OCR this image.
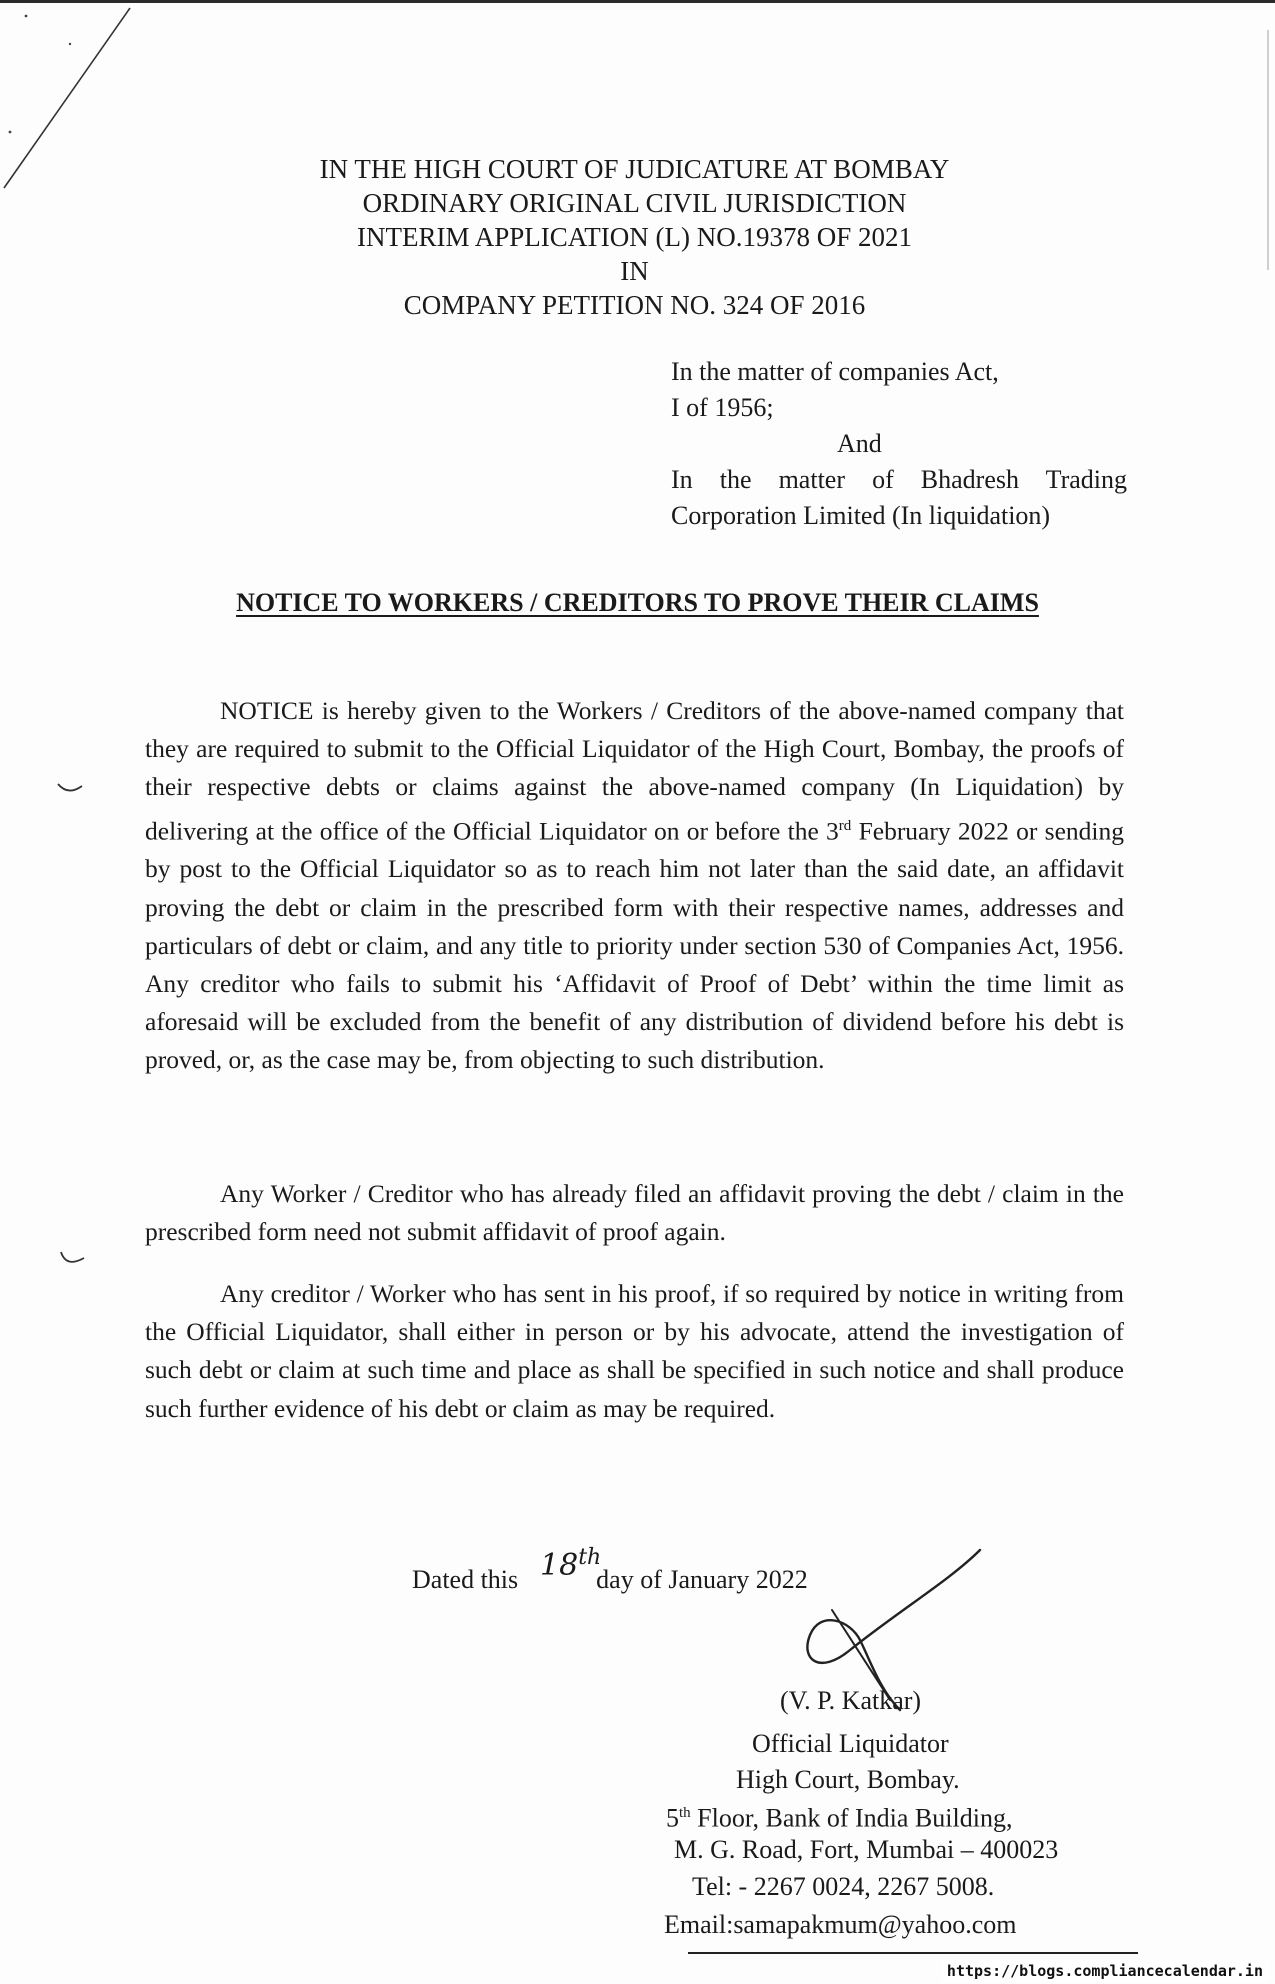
IN THE HIGH COURT OF JUDICATURE AT BOMBAY
ORDINARY ORIGINAL CIVIL JURISDICTION
INTERIM APPLICATION (L) NO.19378 OF 2021
IN
COMPANY PETITION NO. 324 OF 2016
In the matter of companies Act,
I of 1956;
And
In the matter of Bhadresh Trading
Corporation Limited (In liquidation)
NOTICE TO WORKERS / CREDITORS TO PROVE THEIR CLAIMS

NOTICE is hereby given to the Workers / Creditors of the above-named company that they are required to submit to the Official Liquidator of the High Court, Bombay, the proofs of their respective debts or claims against the above-named company (In Liquidation) by delivering at the office of the Official Liquidator on or before the 3rd February 2022 or sending by post to the Official Liquidator so as to reach him not later than the said date, an affidavit proving the debt or claim in the prescribed form with their respective names, addresses and particulars of debt or claim, and any title to priority under section 530 of Companies Act, 1956. Any creditor who fails to submit his ‘Affidavit of Proof of Debt’ within the time limit as aforesaid will be excluded from the benefit of any distribution of dividend before his debt is proved, or, as the case may be, from objecting to such distribution.

Any Worker / Creditor who has already filed an affidavit proving the debt / claim in the prescribed form need not submit affidavit of proof again.

Any creditor / Worker who has sent in his proof, if so required by notice in writing from the Official Liquidator, shall either in person or by his advocate, attend the investigation of such debt or claim at such time and place as shall be specified in such notice and shall produce such further evidence of his debt or claim as may be required.

Dated this	day of January 2022
18th
(V. P. Katkar)
Official Liquidator
High Court, Bombay.
5th Floor, Bank of India Building,
M. G. Road, Fort, Mumbai – 400023
Tel: - 2267 0024, 2267 5008.
Email:samapakmum@yahoo.com
https://blogs.compliancecalendar.in
